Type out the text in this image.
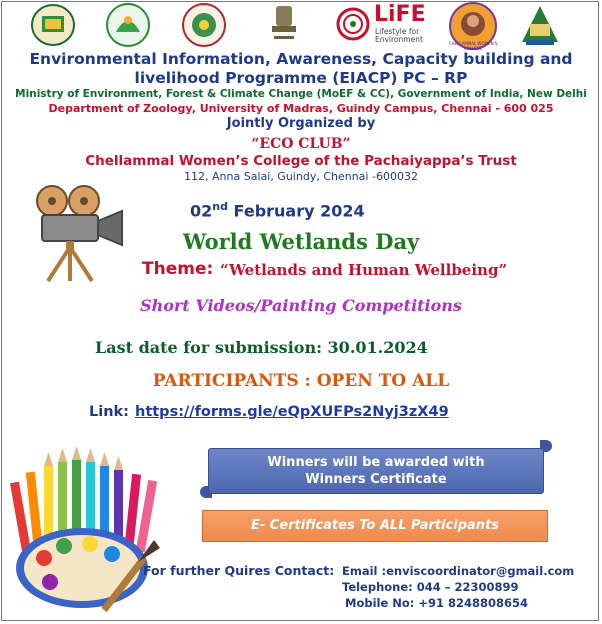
LiFE
Lifestyle for Environment	CHELLAMMAL WOMEN'S COLLEGE
Environmental Information, Awareness, Capacity building and
livelihood Programme (EIACP) PC – RP
Ministry of Environment, Forest & Climate Change (MoEF & CC), Government of India, New Delhi
Department of Zoology, University of Madras, Guindy Campus, Chennai - 600 025
Jointly Organized by
“ECO CLUB”
Chellammal Women’s College of the Pachaiyappa’s Trust
112, Anna Salai, Guindy, Chennai -600032
02nd February 2024
World Wetlands Day
Theme: “Wetlands and Human Wellbeing”
Short Videos/Painting Competitions
Last date for submission: 30.01.2024
PARTICIPANTS : OPEN TO ALL
Link: https://forms.gle/eQpXUFPs2Nyj3zX49
Winners will be awarded with
Winners Certificate
E- Certificates To ALL Participants
For further Quires Contact: Email :enviscoordinator@gmail.com
Telephone: 044 – 22300899
Mobile No: +91 8248808654
